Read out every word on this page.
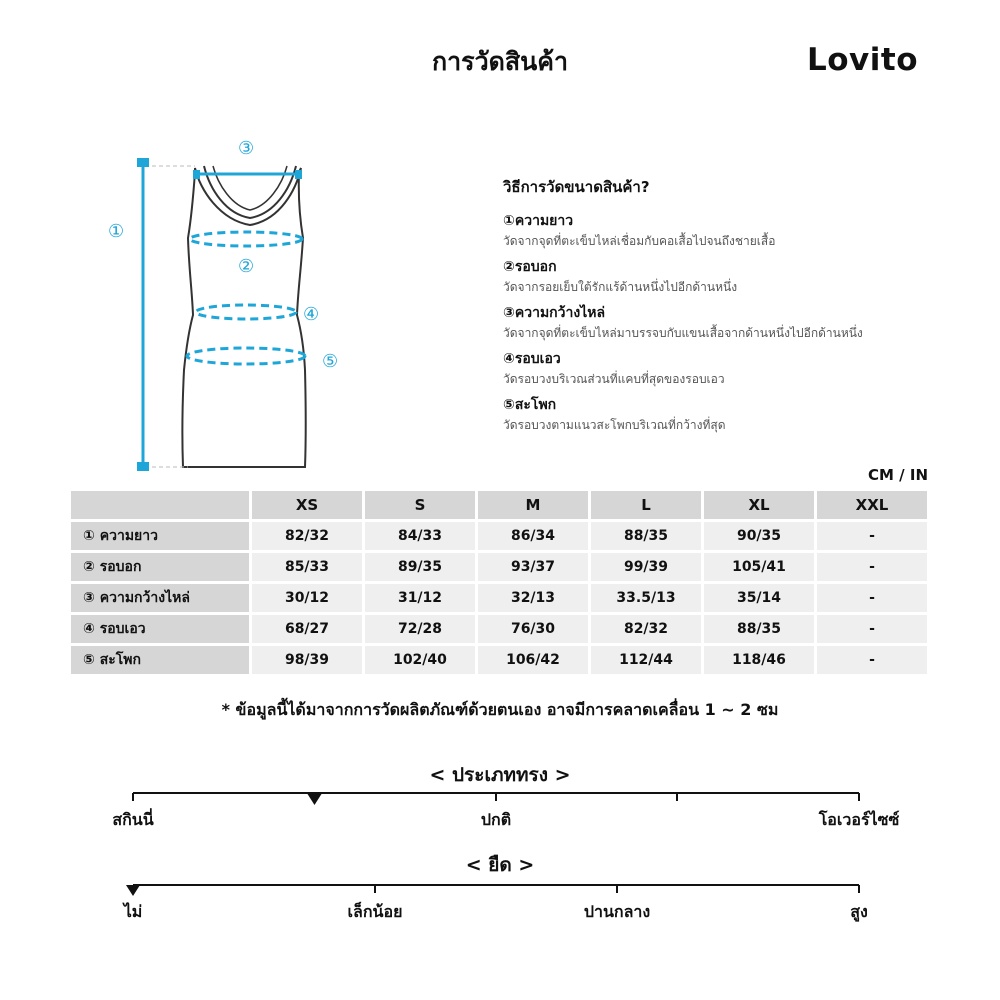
การวัดสินค้า	Lovito
①
③
②
④
⑤
วิธีการวัดขนาดสินค้า?
①ความยาว
วัดจากจุดที่ตะเข็บไหล่เชื่อมกับคอเสื้อไปจนถึงชายเสื้อ
②รอบอก
วัดจากรอยเย็บใต้รักแร้ด้านหนึ่งไปอีกด้านหนึ่ง
③ความกว้างไหล่
วัดจากจุดที่ตะเข็บไหล่มาบรรจบกับแขนเสื้อจากด้านหนึ่งไปอีกด้านหนึ่ง
④รอบเอว
วัดรอบวงบริเวณส่วนที่แคบที่สุดของรอบเอว
⑤สะโพก
วัดรอบวงตามแนวสะโพกบริเวณที่กว้างที่สุด
CM / IN
	XS	S	M	L	XL	XXL
① ความยาว	82/32	84/33	86/34	88/35	90/35	-
② รอบอก	85/33	89/35	93/37	99/39	105/41	-
③ ความกว้างไหล่	30/12	31/12	32/13	33.5/13	35/14	-
④ รอบเอว	68/27	72/28	76/30	82/32	88/35	-
⑤ สะโพก	98/39	102/40	106/42	112/44	118/46	-
* ข้อมูลนี้ได้มาจากการวัดผลิตภัณฑ์ด้วยตนเอง อาจมีการคลาดเคลื่อน 1 ~ 2 ซม
< ประเภททรง >
สกินนี่	ปกติ	โอเวอร์ไซซ์
< ยืด >
ไม่	เล็กน้อย	ปานกลาง	สูง
